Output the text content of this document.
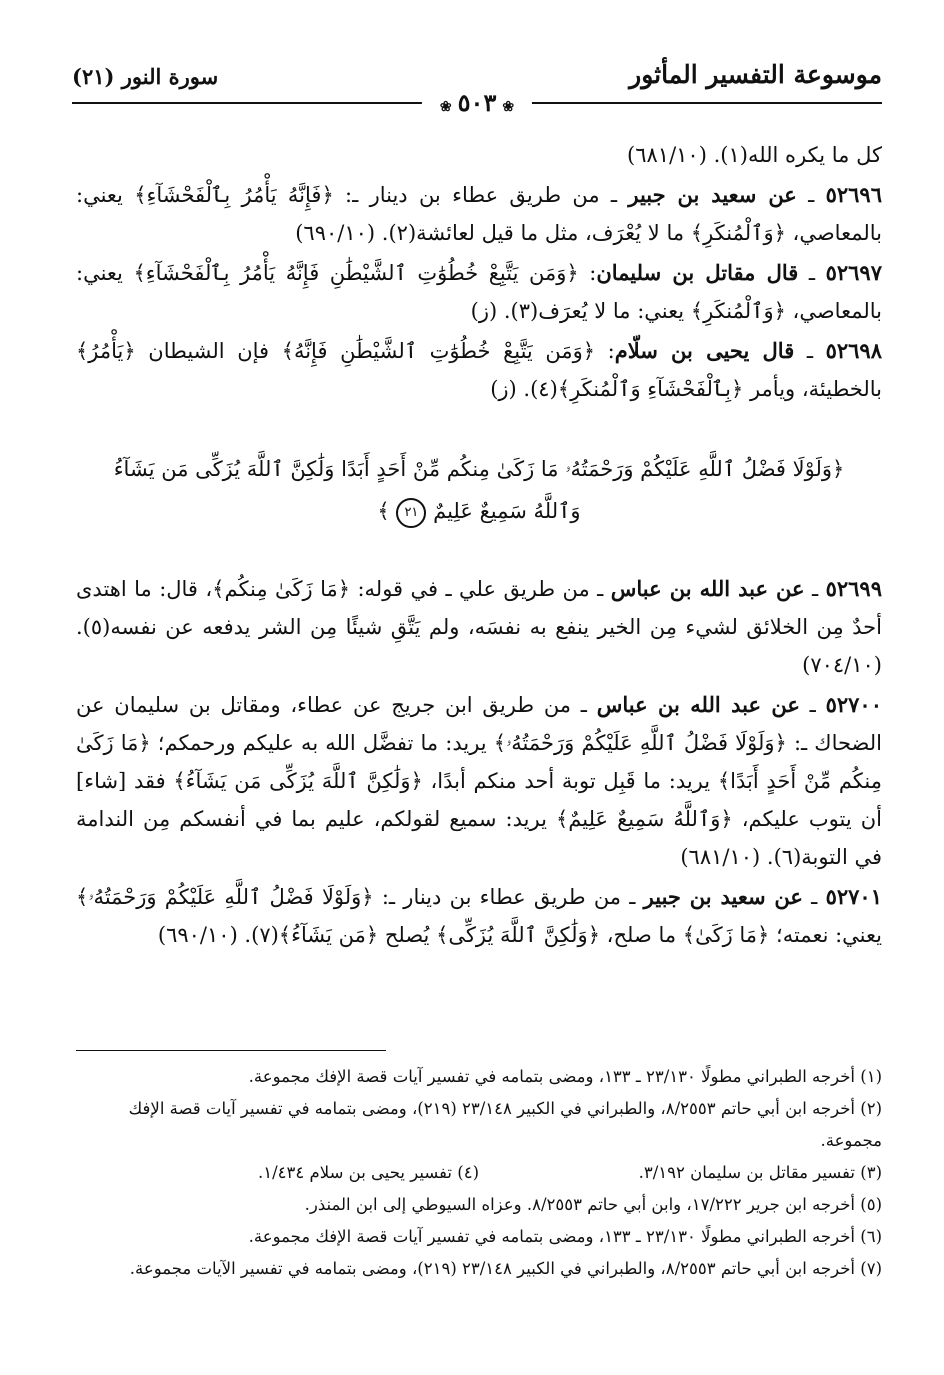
موسوعة التفسير المأثور
سورة النور (٢١)
❀ ٥٠٣ ❀

كل ما يكره الله(١). (٦٨١/١٠)

٥٢٦٩٦ ـ عن سعيد بن جبير ـ من طريق عطاء بن دينار ـ: ﴿فَإِنَّهُ يَأْمُرُ بِٱلْفَحْشَآءِ﴾ يعني: بالمعاصي، ﴿وَٱلْمُنكَرِ﴾ ما لا يُعْرَف، مثل ما قيل لعائشة(٢). (٦٩٠/١٠)

٥٢٦٩٧ ـ قال مقاتل بن سليمان: ﴿وَمَن يَتَّبِعْ خُطُوَٰتِ ٱلشَّيْطَٰنِ فَإِنَّهُ يَأْمُرُ بِٱلْفَحْشَآءِ﴾ يعني: بالمعاصي، ﴿وَٱلْمُنكَرِ﴾ يعني: ما لا يُعرَف(٣). (ز)

٥٢٦٩٨ ـ قال يحيى بن سلّام: ﴿وَمَن يَتَّبِعْ خُطُوَٰتِ ٱلشَّيْطَٰنِ فَإِنَّهُ﴾ فإن الشيطان ﴿يَأْمُرُ﴾ بالخطيئة، ويأمر ﴿بِٱلْفَحْشَآءِ وَٱلْمُنكَرِ﴾(٤). (ز)

﴿وَلَوْلَا فَضْلُ ٱللَّهِ عَلَيْكُمْ وَرَحْمَتُهُۥ مَا زَكَىٰ مِنكُم مِّنْ أَحَدٍ أَبَدًا وَلَٰكِنَّ ٱللَّهَ يُزَكِّى مَن يَشَآءُ
وَٱللَّهُ سَمِيعٌ عَلِيمٌ ٢١ ﴾

٥٢٦٩٩ ـ عن عبد الله بن عباس ـ من طريق علي ـ في قوله: ﴿مَا زَكَىٰ مِنكُم﴾، قال: ما اهتدى أحدٌ مِن الخلائق لشيء مِن الخير ينفع به نفسَه، ولم يَتَّقِ شيئًا مِن الشر يدفعه عن نفسه(٥). (٧٠٤/١٠)

٥٢٧٠٠ ـ عن عبد الله بن عباس ـ من طريق ابن جريج عن عطاء، ومقاتل بن سليمان عن الضحاك ـ: ﴿وَلَوْلَا فَضْلُ ٱللَّهِ عَلَيْكُمْ وَرَحْمَتُهُۥ﴾ يريد: ما تفضَّل الله به عليكم ورحمكم؛ ﴿مَا زَكَىٰ مِنكُم مِّنْ أَحَدٍ أَبَدًا﴾ يريد: ما قَبِل توبة أحد منكم أبدًا، ﴿وَلَٰكِنَّ ٱللَّهَ يُزَكِّى مَن يَشَآءُ﴾ فقد [شاء] أن يتوب عليكم، ﴿وَٱللَّهُ سَمِيعٌ عَلِيمٌ﴾ يريد: سميع لقولكم، عليم بما في أنفسكم مِن الندامة في التوبة(٦). (٦٨١/١٠)

٥٢٧٠١ ـ عن سعيد بن جبير ـ من طريق عطاء بن دينار ـ: ﴿وَلَوْلَا فَضْلُ ٱللَّهِ عَلَيْكُمْ وَرَحْمَتُهُۥ﴾ يعني: نعمته؛ ﴿مَا زَكَىٰ﴾ ما صلح، ﴿وَلَٰكِنَّ ٱللَّهَ يُزَكِّى﴾ يُصلح ﴿مَن يَشَآءُ﴾(٧). (٦٩٠/١٠)

(١) أخرجه الطبراني مطولًا ٢٣/١٣٠ ـ ١٣٣، ومضى بتمامه في تفسير آيات قصة الإفك مجموعة.
(٢) أخرجه ابن أبي حاتم ٨/٢٥٥٣، والطبراني في الكبير ٢٣/١٤٨ (٢١٩)، ومضى بتمامه في تفسير آيات قصة الإفك مجموعة.
(٣) تفسير مقاتل بن سليمان ٣/١٩٢.
(٤) تفسير يحيى بن سلام ١/٤٣٤.
(٥) أخرجه ابن جرير ١٧/٢٢٢، وابن أبي حاتم ٨/٢٥٥٣. وعزاه السيوطي إلى ابن المنذر.
(٦) أخرجه الطبراني مطولًا ٢٣/١٣٠ ـ ١٣٣، ومضى بتمامه في تفسير آيات قصة الإفك مجموعة.
(٧) أخرجه ابن أبي حاتم ٨/٢٥٥٣، والطبراني في الكبير ٢٣/١٤٨ (٢١٩)، ومضى بتمامه في تفسير الآيات مجموعة.
